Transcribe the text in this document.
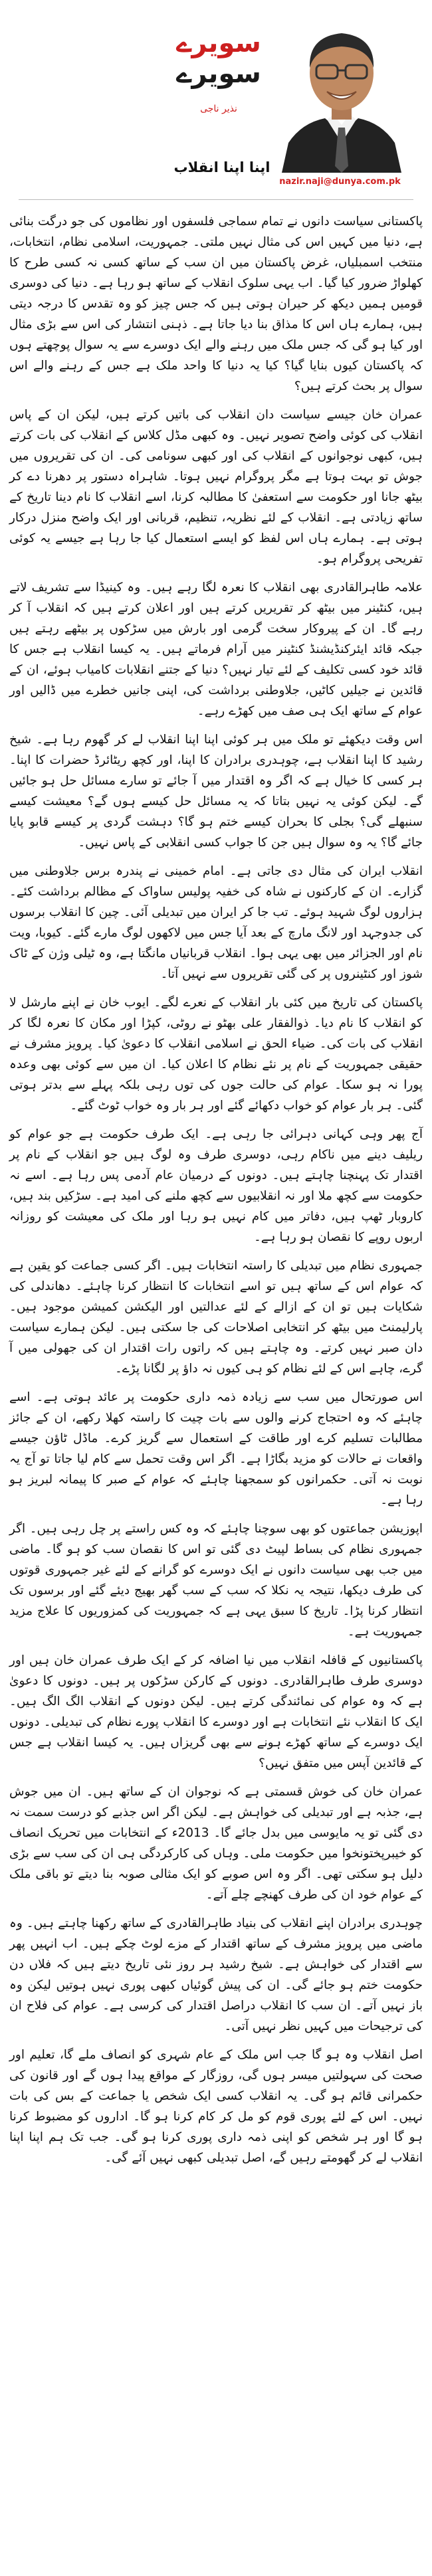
nazir.naji@dunya.com.pk
سویرے
سویرے
نذیر ناجی
اپنا اپنا انقلاب

پاکستانی سیاست دانوں نے تمام سماجی فلسفوں اور نظاموں کی جو درگت بنائی ہے، دنیا میں کہیں اس کی مثال نہیں ملتی۔ جمہوریت، اسلامی نظام، انتخابات، منتخب اسمبلیاں، غرض پاکستان میں ان سب کے ساتھ کسی نہ کسی طرح کا کھلواڑ ضرور کیا گیا۔ اب یہی سلوک انقلاب کے ساتھ ہو رہا ہے۔ دنیا کی دوسری قومیں ہمیں دیکھ کر حیران ہوتی ہیں کہ جس چیز کو وہ تقدس کا درجہ دیتی ہیں، ہمارے ہاں اس کا مذاق بنا دیا جاتا ہے۔ ذہنی انتشار کی اس سے بڑی مثال اور کیا ہو گی کہ جس ملک میں رہنے والے ایک دوسرے سے یہ سوال پوچھتے ہوں کہ پاکستان کیوں بنایا گیا؟ کیا یہ دنیا کا واحد ملک ہے جس کے رہنے والے اس سوال پر بحث کرتے ہیں؟

عمران خان جیسے سیاست دان انقلاب کی باتیں کرتے ہیں، لیکن ان کے پاس انقلاب کی کوئی واضح تصویر نہیں۔ وہ کبھی مڈل کلاس کے انقلاب کی بات کرتے ہیں، کبھی نوجوانوں کے انقلاب کی اور کبھی سونامی کی۔ ان کی تقریروں میں جوش تو بہت ہوتا ہے مگر پروگرام نہیں ہوتا۔ شاہراہ دستور پر دھرنا دے کر بیٹھ جانا اور حکومت سے استعفیٰ کا مطالبہ کرنا، اسے انقلاب کا نام دینا تاریخ کے ساتھ زیادتی ہے۔ انقلاب کے لئے نظریہ، تنظیم، قربانی اور ایک واضح منزل درکار ہوتی ہے۔ ہمارے ہاں اس لفظ کو ایسے استعمال کیا جا رہا ہے جیسے یہ کوئی تفریحی پروگرام ہو۔

علامہ طاہرالقادری بھی انقلاب کا نعرہ لگا رہے ہیں۔ وہ کینیڈا سے تشریف لاتے ہیں، کنٹینر میں بیٹھ کر تقریریں کرتے ہیں اور اعلان کرتے ہیں کہ انقلاب آ کر رہے گا۔ ان کے پیروکار سخت گرمی اور بارش میں سڑکوں پر بیٹھے رہتے ہیں جبکہ قائد ایئرکنڈیشنڈ کنٹینر میں آرام فرماتے ہیں۔ یہ کیسا انقلاب ہے جس کا قائد خود کسی تکلیف کے لئے تیار نہیں؟ دنیا کے جتنے انقلابات کامیاب ہوئے، ان کے قائدین نے جیلیں کاٹیں، جلاوطنی برداشت کی، اپنی جانیں خطرے میں ڈالیں اور عوام کے ساتھ ایک ہی صف میں کھڑے رہے۔

اس وقت دیکھئے تو ملک میں ہر کوئی اپنا اپنا انقلاب لے کر گھوم رہا ہے۔ شیخ رشید کا اپنا انقلاب ہے، چوہدری برادران کا اپنا، اور کچھ ریٹائرڈ حضرات کا اپنا۔ ہر کسی کا خیال ہے کہ اگر وہ اقتدار میں آ جائے تو سارے مسائل حل ہو جائیں گے۔ لیکن کوئی یہ نہیں بتاتا کہ یہ مسائل حل کیسے ہوں گے؟ معیشت کیسے سنبھلے گی؟ بجلی کا بحران کیسے ختم ہو گا؟ دہشت گردی پر کیسے قابو پایا جائے گا؟ یہ وہ سوال ہیں جن کا جواب کسی انقلابی کے پاس نہیں۔

انقلاب ایران کی مثال دی جاتی ہے۔ امام خمینی نے پندرہ برس جلاوطنی میں گزارے۔ ان کے کارکنوں نے شاہ کی خفیہ پولیس ساواک کے مظالم برداشت کئے۔ ہزاروں لوگ شہید ہوئے۔ تب جا کر ایران میں تبدیلی آئی۔ چین کا انقلاب برسوں کی جدوجہد اور لانگ مارچ کے بعد آیا جس میں لاکھوں لوگ مارے گئے۔ کیوبا، ویت نام اور الجزائر میں بھی یہی ہوا۔ انقلاب قربانیاں مانگتا ہے، وہ ٹیلی وژن کے ٹاک شوز اور کنٹینروں پر کی گئی تقریروں سے نہیں آتا۔

پاکستان کی تاریخ میں کئی بار انقلاب کے نعرے لگے۔ ایوب خان نے اپنے مارشل لا کو انقلاب کا نام دیا۔ ذوالفقار علی بھٹو نے روٹی، کپڑا اور مکان کا نعرہ لگا کر انقلاب کی بات کی۔ ضیاء الحق نے اسلامی انقلاب کا دعویٰ کیا۔ پرویز مشرف نے حقیقی جمہوریت کے نام پر نئے نظام کا اعلان کیا۔ ان میں سے کوئی بھی وعدہ پورا نہ ہو سکا۔ عوام کی حالت جوں کی توں رہی بلکہ پہلے سے بدتر ہوتی گئی۔ ہر بار عوام کو خواب دکھائے گئے اور ہر بار وہ خواب ٹوٹ گئے۔

آج پھر وہی کہانی دہرائی جا رہی ہے۔ ایک طرف حکومت ہے جو عوام کو ریلیف دینے میں ناکام رہی، دوسری طرف وہ لوگ ہیں جو انقلاب کے نام پر اقتدار تک پہنچنا چاہتے ہیں۔ دونوں کے درمیان عام آدمی پس رہا ہے۔ اسے نہ حکومت سے کچھ ملا اور نہ انقلابیوں سے کچھ ملنے کی امید ہے۔ سڑکیں بند ہیں، کاروبار ٹھپ ہیں، دفاتر میں کام نہیں ہو رہا اور ملک کی معیشت کو روزانہ اربوں روپے کا نقصان ہو رہا ہے۔

جمہوری نظام میں تبدیلی کا راستہ انتخابات ہیں۔ اگر کسی جماعت کو یقین ہے کہ عوام اس کے ساتھ ہیں تو اسے انتخابات کا انتظار کرنا چاہئے۔ دھاندلی کی شکایات ہیں تو ان کے ازالے کے لئے عدالتیں اور الیکشن کمیشن موجود ہیں۔ پارلیمنٹ میں بیٹھ کر انتخابی اصلاحات کی جا سکتی ہیں۔ لیکن ہمارے سیاست دان صبر نہیں کرتے۔ وہ چاہتے ہیں کہ راتوں رات اقتدار ان کی جھولی میں آ گرے، چاہے اس کے لئے نظام کو ہی کیوں نہ داؤ پر لگانا پڑے۔

اس صورتحال میں سب سے زیادہ ذمہ داری حکومت پر عائد ہوتی ہے۔ اسے چاہئے کہ وہ احتجاج کرنے والوں سے بات چیت کا راستہ کھلا رکھے، ان کے جائز مطالبات تسلیم کرے اور طاقت کے استعمال سے گریز کرے۔ ماڈل ٹاؤن جیسے واقعات نے حالات کو مزید بگاڑا ہے۔ اگر اس وقت تحمل سے کام لیا جاتا تو آج یہ نوبت نہ آتی۔ حکمرانوں کو سمجھنا چاہئے کہ عوام کے صبر کا پیمانہ لبریز ہو رہا ہے۔

اپوزیشن جماعتوں کو بھی سوچنا چاہئے کہ وہ کس راستے پر چل رہی ہیں۔ اگر جمہوری نظام کی بساط لپیٹ دی گئی تو اس کا نقصان سب کو ہو گا۔ ماضی میں جب بھی سیاست دانوں نے ایک دوسرے کو گرانے کے لئے غیر جمہوری قوتوں کی طرف دیکھا، نتیجہ یہ نکلا کہ سب کے سب گھر بھیج دیئے گئے اور برسوں تک انتظار کرنا پڑا۔ تاریخ کا سبق یہی ہے کہ جمہوریت کی کمزوریوں کا علاج مزید جمہوریت ہے۔

پاکستانیوں کے قافلہ انقلاب میں نیا اضافہ کر کے ایک طرف عمران خان ہیں اور دوسری طرف طاہرالقادری۔ دونوں کے کارکن سڑکوں پر ہیں۔ دونوں کا دعویٰ ہے کہ وہ عوام کی نمائندگی کرتے ہیں۔ لیکن دونوں کے انقلاب الگ الگ ہیں۔ ایک کا انقلاب نئے انتخابات ہے اور دوسرے کا انقلاب پورے نظام کی تبدیلی۔ دونوں ایک دوسرے کے ساتھ کھڑے ہونے سے بھی گریزاں ہیں۔ یہ کیسا انقلاب ہے جس کے قائدین آپس میں متفق نہیں؟

عمران خان کی خوش قسمتی ہے کہ نوجوان ان کے ساتھ ہیں۔ ان میں جوش ہے، جذبہ ہے اور تبدیلی کی خواہش ہے۔ لیکن اگر اس جذبے کو درست سمت نہ دی گئی تو یہ مایوسی میں بدل جائے گا۔ 2013ء کے انتخابات میں تحریک انصاف کو خیبرپختونخوا میں حکومت ملی۔ وہاں کی کارکردگی ہی ان کی سب سے بڑی دلیل ہو سکتی تھی۔ اگر وہ اس صوبے کو ایک مثالی صوبہ بنا دیتے تو باقی ملک کے عوام خود ان کی طرف کھنچے چلے آتے۔

چوہدری برادران اپنے انقلاب کی بنیاد طاہرالقادری کے ساتھ رکھنا چاہتے ہیں۔ وہ ماضی میں پرویز مشرف کے ساتھ اقتدار کے مزے لوٹ چکے ہیں۔ اب انہیں پھر سے اقتدار کی خواہش ہے۔ شیخ رشید ہر روز نئی تاریخ دیتے ہیں کہ فلاں دن حکومت ختم ہو جائے گی۔ ان کی پیش گوئیاں کبھی پوری نہیں ہوتیں لیکن وہ باز نہیں آتے۔ ان سب کا انقلاب دراصل اقتدار کی کرسی ہے۔ عوام کی فلاح ان کی ترجیحات میں کہیں نظر نہیں آتی۔

اصل انقلاب وہ ہو گا جب اس ملک کے عام شہری کو انصاف ملے گا، تعلیم اور صحت کی سہولتیں میسر ہوں گی، روزگار کے مواقع پیدا ہوں گے اور قانون کی حکمرانی قائم ہو گی۔ یہ انقلاب کسی ایک شخص یا جماعت کے بس کی بات نہیں۔ اس کے لئے پوری قوم کو مل کر کام کرنا ہو گا۔ اداروں کو مضبوط کرنا ہو گا اور ہر شخص کو اپنی ذمہ داری پوری کرنا ہو گی۔ جب تک ہم اپنا اپنا انقلاب لے کر گھومتے رہیں گے، اصل تبدیلی کبھی نہیں آئے گی۔
